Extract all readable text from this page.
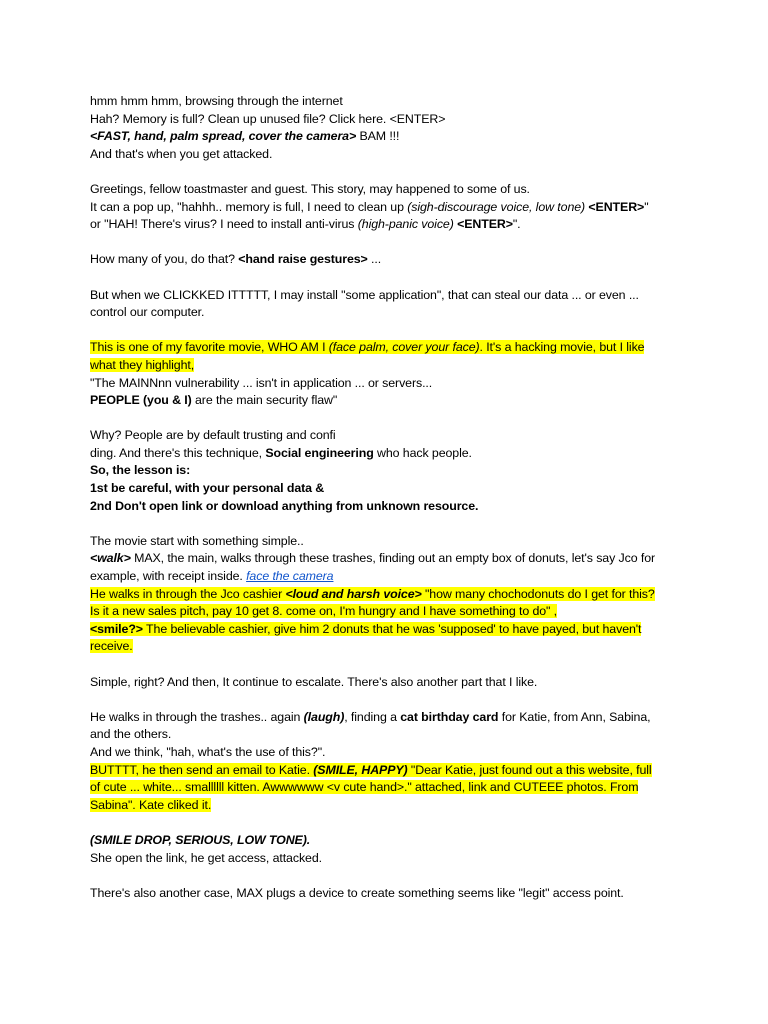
hmm hmm hmm, browsing through the internet
Hah? Memory is full? Clean up unused file? Click here. <ENTER>
<FAST, hand, palm spread, cover the camera> BAM !!!
And that's when you get attacked.
Greetings, fellow toastmaster and guest. This story, may happened to some of us.
It can a pop up, "hahhh.. memory is full, I need to clean up (sigh-discourage voice, low tone) <ENTER>"
or "HAH! There's virus? I need to install anti-virus (high-panic voice) <ENTER>".
How many of you, do that? <hand raise gestures> ...
But when we CLICKKED ITTTTT, I may install "some application", that can steal our data ... or even ...
control our computer.
This is one of my favorite movie, WHO AM I (face palm, cover your face). It's a hacking movie, but I like
what they highlight,
"The MAINNnn vulnerability ... isn't in application ... or servers...
PEOPLE (you & I) are the main security flaw"
Why? People are by default trusting and confi
ding. And there's this technique, Social engineering who hack people.
So, the lesson is:
1st be careful, with your personal data &
2nd Don't open link or download anything from unknown resource.
The movie start with something simple..
<walk> MAX, the main, walks through these trashes, finding out an empty box of donuts, let's say Jco for
example, with receipt inside. face the camera
He walks in through the Jco cashier <loud and harsh voice> "how many chochodonuts do I get for this?
Is it a new sales pitch, pay 10 get 8. come on, I'm hungry and I have something to do" ,
<smile?> The believable cashier, give him 2 donuts that he was 'supposed' to have payed, but haven't
receive.
Simple, right? And then, It continue to escalate. There's also another part that I like.
He walks in through the trashes.. again (laugh), finding a cat birthday card for Katie, from Ann, Sabina,
and the others.
And we think, "hah, what's the use of this?".
BUTTTT, he then send an email to Katie. (SMILE, HAPPY) "Dear Katie, just found out a this website, full
of cute ... white... smallllll kitten. Awwwwww <v cute hand>." attached, link and CUTEEE photos. From
Sabina". Kate cliked it.
(SMILE DROP, SERIOUS, LOW TONE).
She open the link, he get access, attacked.
There's also another case, MAX plugs a device to create something seems like "legit" access point.
